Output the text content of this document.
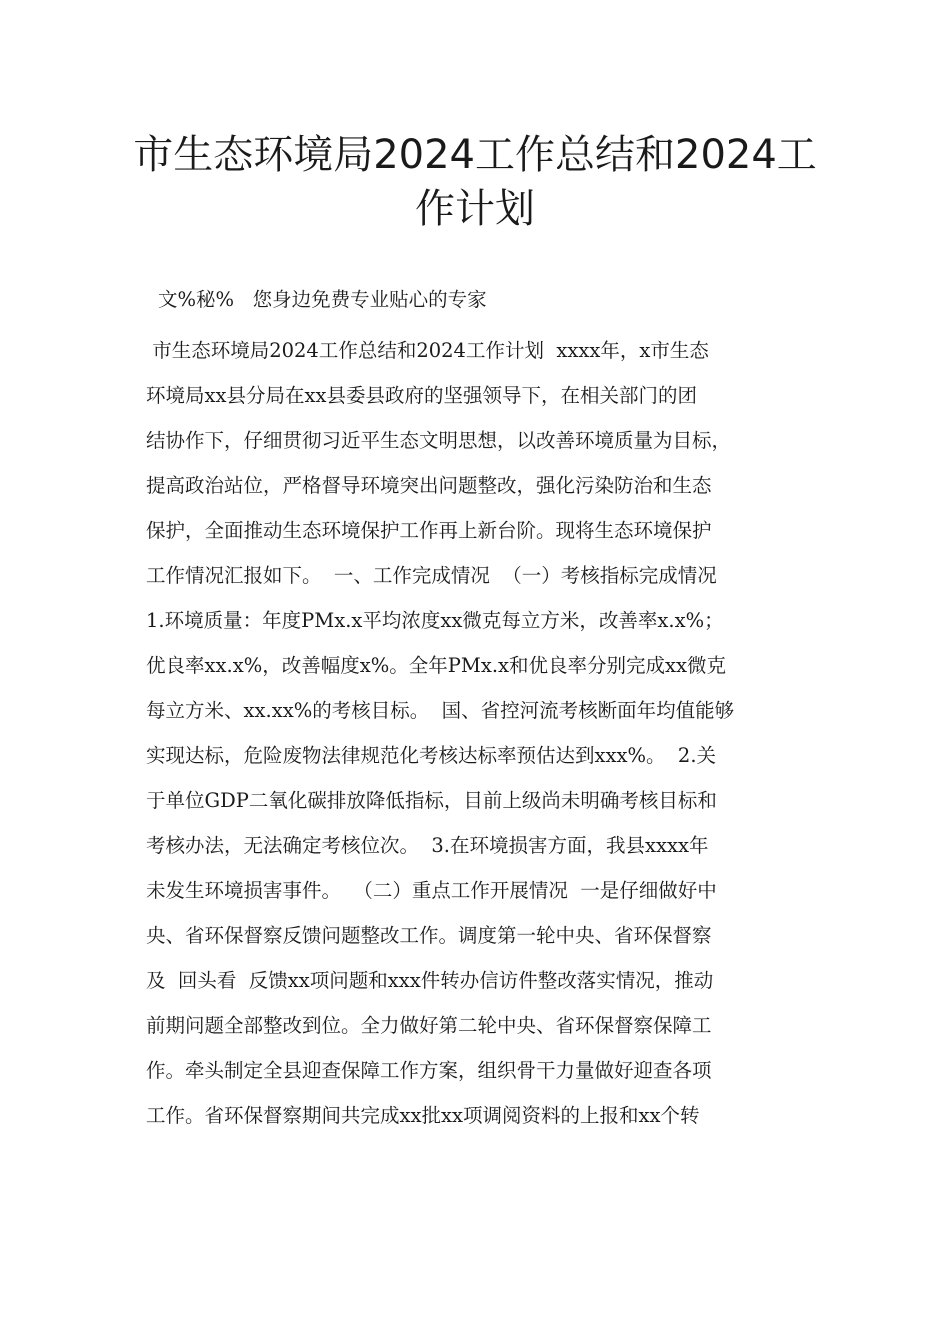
市生态环境局2024工作总结和2024工
作计划

文%秘%   您身边免费专业贴心的专家

市生态环境局2024工作总结和2024工作计划  xxxx年，x市生态
环境局xx县分局在xx县委县政府的坚强领导下，在相关部门的团
结协作下，仔细贯彻习近平生态文明思想，以改善环境质量为目标，
提高政治站位，严格督导环境突出问题整改，强化污染防治和生态
保护，全面推动生态环境保护工作再上新台阶。现将生态环境保护
工作情况汇报如下。  一、工作完成情况  （一）考核指标完成情况
1.环境质量：年度PMx.x平均浓度xx微克每立方米，改善率x.x%；
优良率xx.x%，改善幅度x%。全年PMx.x和优良率分别完成xx微克
每立方米、xx.xx%的考核目标。  国、省控河流考核断面年均值能够
实现达标，危险废物法律规范化考核达标率预估达到xxx%。  2.关
于单位GDP二氧化碳排放降低指标，目前上级尚未明确考核目标和
考核办法，无法确定考核位次。  3.在环境损害方面，我县xxxx年
未发生环境损害事件。  （二）重点工作开展情况  一是仔细做好中
央、省环保督察反馈问题整改工作。调度第一轮中央、省环保督察
及  回头看  反馈xx项问题和xxx件转办信访件整改落实情况，推动
前期问题全部整改到位。全力做好第二轮中央、省环保督察保障工
作。牵头制定全县迎查保障工作方案，组织骨干力量做好迎查各项
工作。省环保督察期间共完成xx批xx项调阅资料的上报和xx个转
